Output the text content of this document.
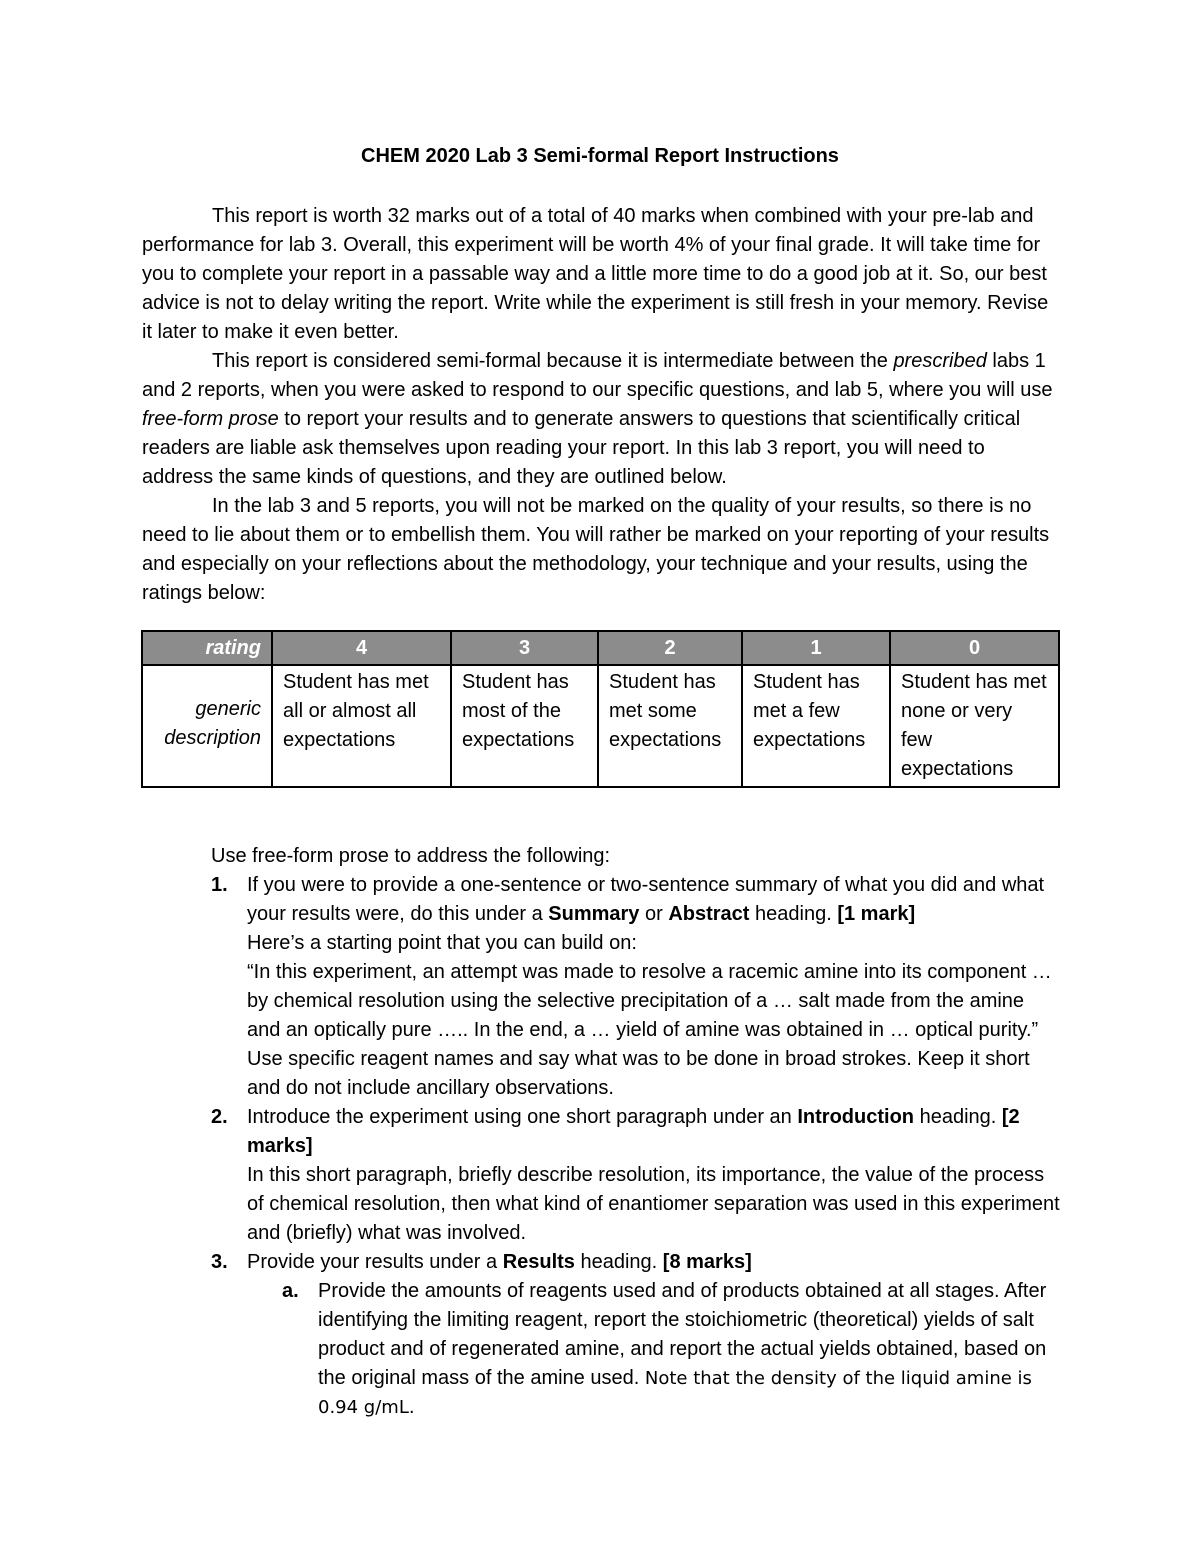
CHEM 2020 Lab 3 Semi-formal Report Instructions

This report is worth 32 marks out of a total of 40 marks when combined with your pre-lab and performance for lab 3. Overall, this experiment will be worth 4% of your final grade. It will take time for you to complete your report in a passable way and a little more time to do a good job at it. So, our best advice is not to delay writing the report. Write while the experiment is still fresh in your memory. Revise it later to make it even better.

This report is considered semi-formal because it is intermediate between the prescribed labs 1 and 2 reports, when you were asked to respond to our specific questions, and lab 5, where you will use free-form prose to report your results and to generate answers to questions that scientifically critical readers are liable ask themselves upon reading your report. In this lab 3 report, you will need to address the same kinds of questions, and they are outlined below.

In the lab 3 and 5 reports, you will not be marked on the quality of your results, so there is no need to lie about them or to embellish them. You will rather be marked on your reporting of your results and especially on your reflections about the methodology, your technique and your results, using the ratings below:

rating	4	3	2	1	0
generic
description	Student has met all or almost all expectations	Student has most of the expectations	Student has met some expectations	Student has met a few expectations	Student has met none or very few expectations

Use free-form prose to address the following:

1. If you were to provide a one-sentence or two-sentence summary of what you did and what your results were, do this under a Summary or Abstract heading. [1 mark]
Here’s a starting point that you can build on:
“In this experiment, an attempt was made to resolve a racemic amine into its component … by chemical resolution using the selective precipitation of a … salt made from the amine and an optically pure ….. In the end, a … yield of amine was obtained in … optical purity.” Use specific reagent names and say what was to be done in broad strokes. Keep it short and do not include ancillary observations.
2. Introduce the experiment using one short paragraph under an Introduction heading. [2 marks]
In this short paragraph, briefly describe resolution, its importance, the value of the process of chemical resolution, then what kind of enantiomer separation was used in this experiment and (briefly) what was involved.
3. Provide your results under a Results heading. [8 marks]
a. Provide the amounts of reagents used and of products obtained at all stages. After identifying the limiting reagent, report the stoichiometric (theoretical) yields of salt product and of regenerated amine, and report the actual yields obtained, based on the original mass of the amine used. Note that the density of the liquid amine is 0.94 g/mL.
